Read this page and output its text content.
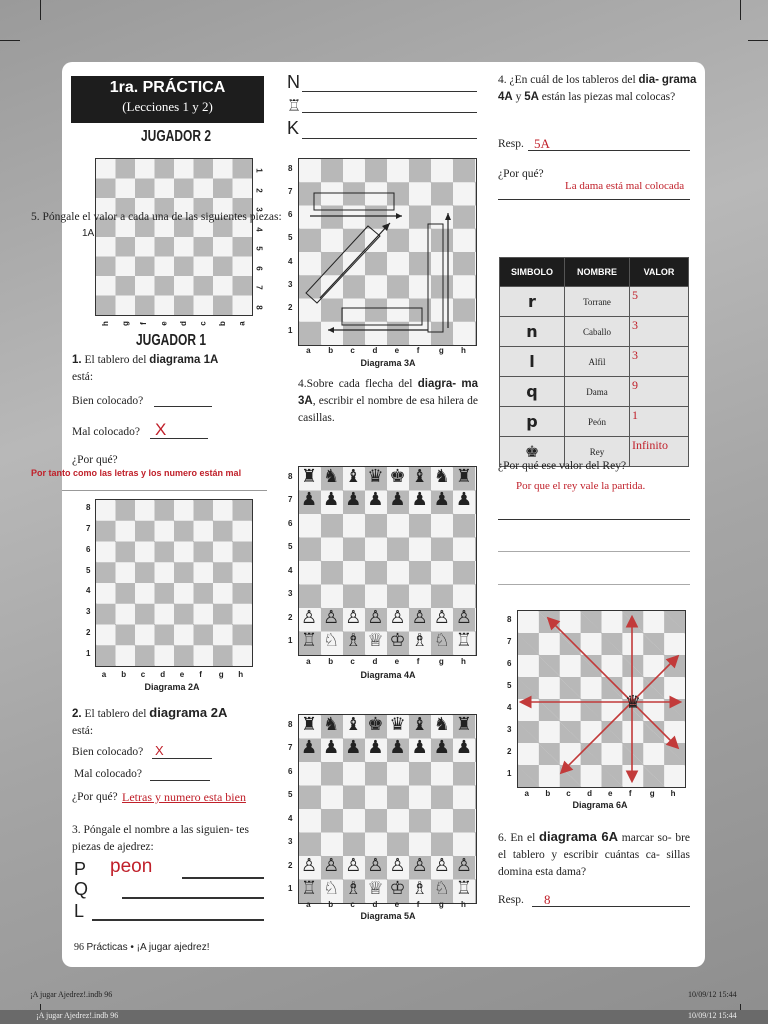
1ra. PRÁCTICA
(Lecciones 1 y 2)
JUGADOR 2
1
2
3
4
5
6
7
8
h g f e d c b a
1A
JUGADOR 1
5. Póngale el valor a cada una de las siguientes piezas:
1. El tablero del diagrama 1A
está:
Bien colocado?
Mal colocado? X
¿Por qué?
Por tanto como las letras y los numero están mal
N
♖
K
8
7
6
5
4
3
2
1
a b c d e f g h
Diagrama 3A
4.Sobre cada flecha del diagra- ma 3A, escribir el nombre de esa hilera de casillas.
8
7
6
5
4
3
2
1
a b c d e f g h
Diagrama 2A
♜ ♞ ♝ ♛ ♚ ♝ ♞ ♜
♟ ♟ ♟ ♟ ♟ ♟ ♟ ♟
♙ ♙ ♙ ♙ ♙ ♙ ♙ ♙
♖ ♘ ♗ ♕ ♔ ♗ ♘ ♖
8
7
6
5
4
3
2
1
a b c d e f g h
Diagrama 4A
2. El tablero del diagrama 2A
está:
Bien colocado? X
Mal colocado?
¿Por qué? Letras y numero esta bien
3. Póngale el nombre a las siguien- tes piezas de ajedrez:
P peon
Q
L
♜ ♞ ♝ ♚ ♛ ♝ ♞ ♜
♟ ♟ ♟ ♟ ♟ ♟ ♟ ♟
♙ ♙ ♙ ♙ ♙ ♙ ♙ ♙
♖ ♘ ♗ ♕ ♔ ♗ ♘ ♖
8
7
6
5
4
3
2
1
a b c d e f g h
Diagrama 5A
4. ¿En cuál de los tableros del dia- grama 4A y 5A están las piezas mal colocas?
Resp. 5A
¿Por qué?
La dama está mal colocada
SIMBOLO	NOMBRE	VALOR
r	Torrane	5
n	Caballo	3
l	Alfil	3
q	Dama	9
p	Peón	1
♚	Rey	Infinito
¿Por qué ese valor del Rey?
Por que el rey vale la partida.
♛
8
7
6
5
4
3
2
1
a b c d e f g h
Diagrama 6A
6. En el diagrama 6A marcar so- bre el tablero y escribir cuántas ca- sillas domina esta dama?
Resp. 8
96 Prácticas • ¡A jugar ajedrez!
¡A jugar Ajedrez!.indb 96	10/09/12 15:44
¡A jugar Ajedrez!.indb 96	10/09/12 15:44
